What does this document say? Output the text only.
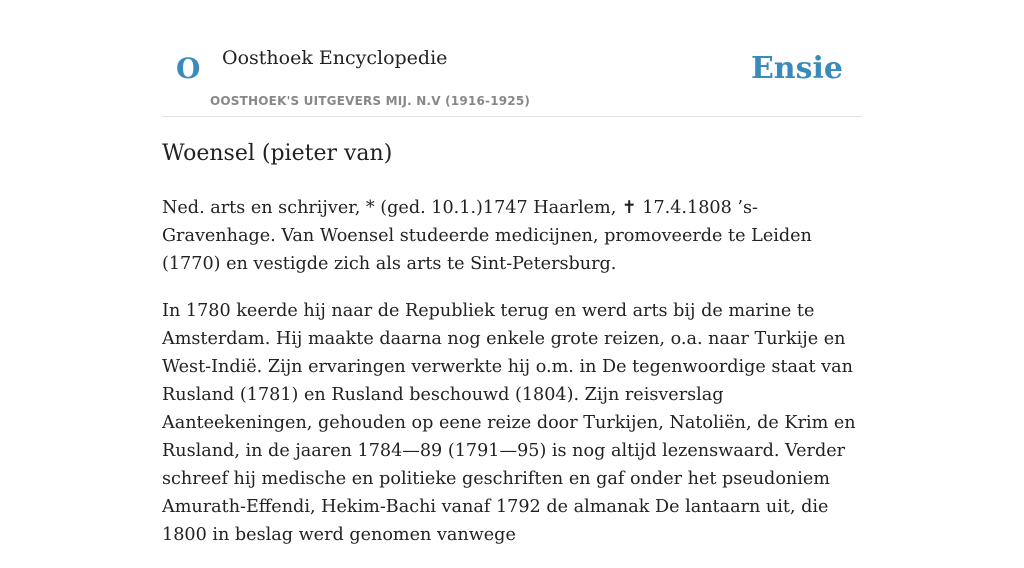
O Oosthoek Encyclopedie
OOSTHOEK'S UITGEVERS MIJ. N.V (1916-1925)
Ensie
Woensel (pieter van)

Ned. arts en schrijver, * (ged. 10.1.)1747 Haarlem, ✝ 17.4.1808 ’s-Gravenhage. Van Woensel studeerde medicijnen, promoveerde te Leiden (1770) en vestigde zich als arts te Sint-Petersburg.

In 1780 keerde hij naar de Republiek terug en werd arts bij de marine te Amsterdam. Hij maakte daarna nog enkele grote reizen, o.a. naar Turkije en West-Indië. Zijn ervaringen verwerkte hij o.m. in De tegenwoordige staat van Rusland (1781) en Rusland beschouwd (1804). Zijn reisverslag Aanteekeningen, gehouden op eene reize door Turkijen, Natoliën, de Krim en Rusland, in de jaaren 1784—89 (1791—95) is nog altijd lezenswaard. Verder schreef hij medische en politieke geschriften en gaf onder het pseudoniem Amurath-Effendi, Hekim-Bachi vanaf 1792 de almanak De lantaarn uit, die 1800 in beslag werd genomen vanwege
